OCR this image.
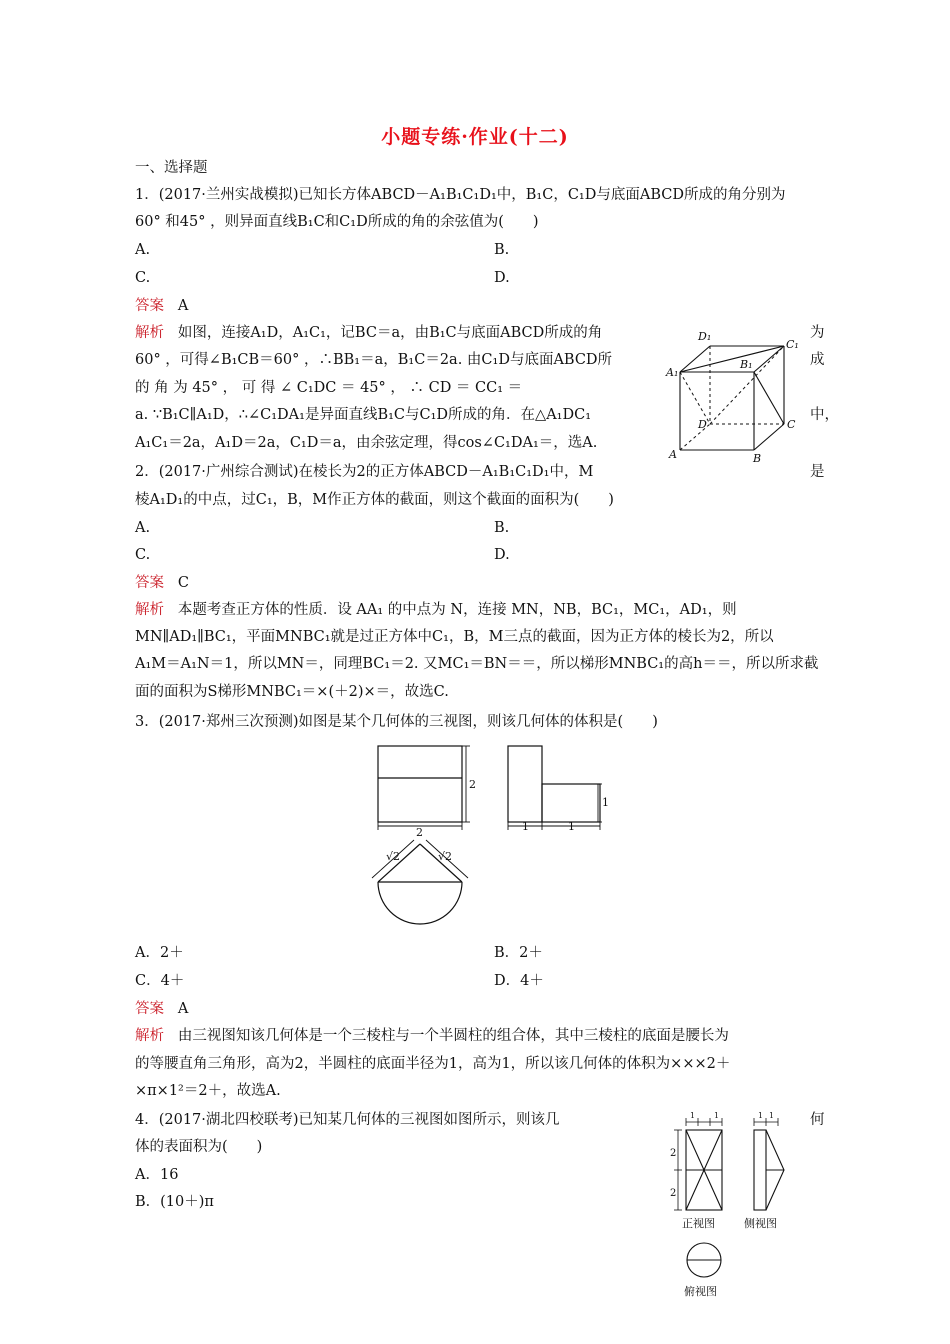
小题专练·作业(十二)
一、选择题
1．(2017·兰州实战模拟)已知长方体ABCD－A₁B₁C₁D₁中，B₁C，C₁D与底面ABCD所成的角分别为
60° 和45° ，则异面直线B₁C和C₁D所成的角的余弦值为(　　)
A.	B.
C.	D.
答案 A
解析 如图，连接A₁D，A₁C₁，记BC＝a，由B₁C与底面ABCD所成的角	为
60° ，可得∠B₁CB＝60° ，∴BB₁＝a，B₁C＝2a. 由C₁D与底面ABCD所	成
的 角 为 45° ， 可 得 ∠ C₁DC ＝ 45° ， ∴ CD ＝ CC₁ ＝
a. ∵B₁C∥A₁D，∴∠C₁DA₁是异面直线B₁C与C₁D所成的角．在△A₁DC₁	中，
A₁C₁＝2a，A₁D＝2a，C₁D＝a，由余弦定理，得cos∠C₁DA₁＝，选A.
D₁
C₁
A₁
B₁
D	C
A	B
2．(2017·广州综合测试)在棱长为2的正方体ABCD－A₁B₁C₁D₁中，M	是
棱A₁D₁的中点，过C₁，B，M作正方体的截面，则这个截面的面积为(　　)
A.	B.
C.	D.
答案 C
解析 本题考查正方体的性质．设 AA₁ 的中点为 N，连接 MN，NB，BC₁，MC₁，AD₁，则
MN∥AD₁∥BC₁，平面MNBC₁就是过正方体中C₁，B，M三点的截面，因为正方体的棱长为2，所以
A₁M＝A₁N＝1，所以MN＝，同理BC₁＝2. 又MC₁＝BN＝＝，所以梯形MNBC₁的高h＝＝，所以所求截
面的面积为S梯形MNBC₁＝×(＋2)×＝，故选C.
3．(2017·郑州三次预测)如图是某个几何体的三视图，则该几何体的体积是(　　)
2
2
1
1	1
√2	√2
A．2＋	B．2＋
C．4＋	D．4＋
答案 A
解析 由三视图知该几何体是一个三棱柱与一个半圆柱的组合体，其中三棱柱的底面是腰长为
的等腰直角三角形，高为2，半圆柱的底面半径为1，高为1，所以该几何体的体积为×××2＋
×π×1²＝2＋，故选A.
4．(2017·湖北四校联考)已知某几何体的三视图如图所示，则该几	何
体的表面积为(　　)
A．16
B．(10＋)π
2
2
1 1	1 1
正视图	侧视图
俯视图
